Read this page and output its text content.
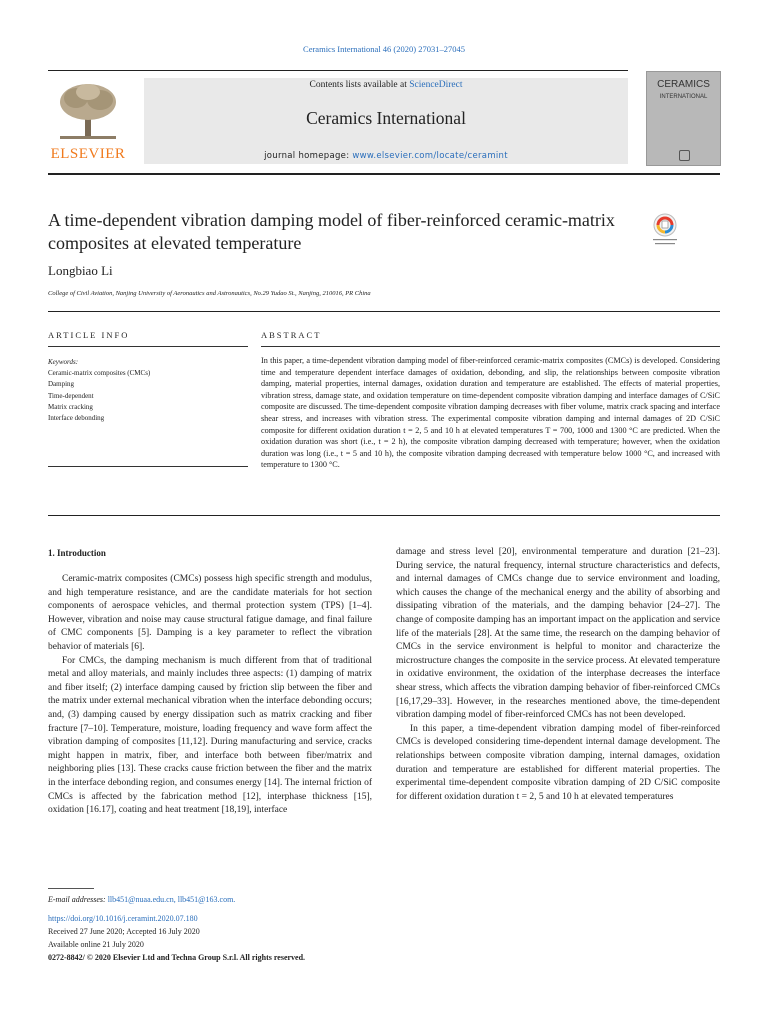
Ceramics International 46 (2020) 27031–27045
ELSEVIER
Contents lists available at ScienceDirect
Ceramics International
journal homepage: www.elsevier.com/locate/ceramint
CERAMICS
INTERNATIONAL
A time-dependent vibration damping model of fiber-reinforced ceramic-matrix composites at elevated temperature
Longbiao Li
College of Civil Aviation, Nanjing University of Aeronautics and Astronautics, No.29 Yudao St., Nanjing, 210016, PR China
ARTICLE INFO	ABSTRACT
Keywords:
Ceramic-matrix composites (CMCs)
Damping
Time-dependent
Matrix cracking
Interface debonding
In this paper, a time-dependent vibration damping model of fiber-reinforced ceramic-matrix composites (CMCs) is developed. Considering time and temperature dependent interface damages of oxidation, debonding, and slip, the relationships between composite vibration damping, material properties, internal damages, oxidation duration and temperature are established. The effects of material properties, vibration stress, damage state, and oxidation temperature on time-dependent composite vibration damping and interface damages of C/SiC composite are discussed. The time-dependent composite vibration damping decreases with fiber volume, matrix crack spacing and interface shear stress, and increases with vibration stress. The experimental composite vibration damping and internal damages of 2D C/SiC composite for different oxidation duration t = 2, 5 and 10 h at elevated temperatures T = 700, 1000 and 1300 °C are predicted. When the oxidation duration was short (i.e., t = 2 h), the composite vibration damping decreased with temperature; however, when the oxidation duration was long (i.e., t = 5 and 10 h), the composite vibration damping decreased with temperature below 1000 °C, and increased with temperature to 1300 °C.
1. Introduction

Ceramic-matrix composites (CMCs) possess high specific strength and modulus, and high temperature resistance, and are the candidate materials for hot section components of aerospace vehicles, and thermal protection system (TPS) [1–4]. However, vibration and noise may cause structural fatigue damage, and final failure of CMC components [5]. Damping is a key parameter to reflect the vibration behavior of materials [6].

For CMCs, the damping mechanism is much different from that of traditional metal and alloy materials, and mainly includes three aspects: (1) damping of matrix and fiber itself; (2) interface damping caused by friction slip between the fiber and the matrix under external mechanical vibration when the interface debonding occurs; and, (3) damping caused by energy dissipation such as matrix cracking and fiber fracture [7–10]. Temperature, moisture, loading frequency and wave form affect the vibration damping of composites [11,12]. During manufacturing and service, cracks might happen in matrix, fiber, and interface both between fiber/matrix and neighboring plies [13]. These cracks cause friction between the fiber and the matrix in the interface debonding region, and consumes energy [14]. The internal friction of CMCs is affected by the fabrication method [12], interphase thickness [15], oxidation [16.17], coating and heat treatment [18,19], interface

damage and stress level [20], environmental temperature and duration [21–23]. During service, the natural frequency, internal structure characteristics and defects, and internal damages of CMCs change due to service environment and loading, which causes the change of the mechanical energy and the ability of absorbing and dissipating vibration of the materials, and the damping behavior [24–27]. The change of composite damping has an important impact on the application and service life of the materials [28]. At the same time, the research on the damping behavior of CMCs in the service environment is helpful to monitor and characterize the microstructure changes the composite in the service process. At elevated temperature in oxidative environment, the oxidation of the interphase decreases the interface shear stress, which affects the vibration damping behavior of fiber-reinforced CMCs [16,17,29–33]. However, in the researches mentioned above, the time-dependent vibration damping model of fiber-reinforced CMCs has not been developed.

In this paper, a time-dependent vibration damping model of fiber-reinforced CMCs is developed considering time-dependent internal damage development. The relationships between composite vibration damping, internal damages, oxidation duration and temperature are established for different material properties. The experimental time-dependent composite vibration damping of 2D C/SiC composite for different oxidation duration t = 2, 5 and 10 h at elevated temperatures

E-mail addresses: llb451@nuaa.edu.cn, llb451@163.com.
https://doi.org/10.1016/j.ceramint.2020.07.180
Received 27 June 2020; Accepted 16 July 2020
Available online 21 July 2020
0272-8842/ © 2020 Elsevier Ltd and Techna Group S.r.l. All rights reserved.
